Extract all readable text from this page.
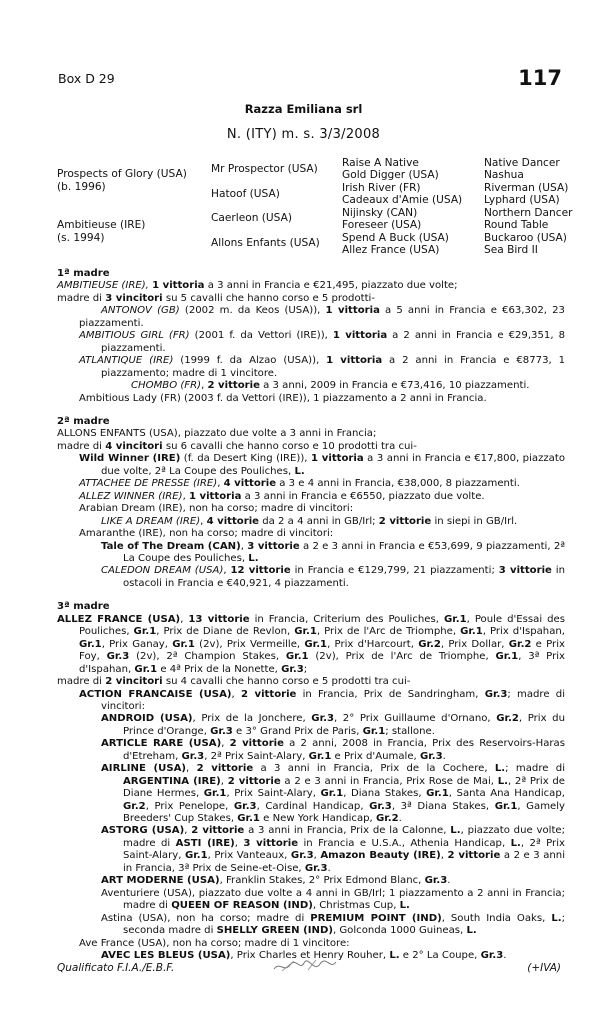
Box D 29	117
Razza Emiliana srl
N. (ITY) m. s. 3/3/2008
Prospects of Glory (USA)
(b. 1996)
Ambitieuse (IRE)
(s. 1994)
Mr Prospector (USA)
Hatoof (USA)
Caerleon (USA)
Allons Enfants (USA)
Raise A Native
Gold Digger (USA)
Irish River (FR)
Cadeaux d'Amie (USA)
Nijinsky (CAN)
Foreseer (USA)
Spend A Buck (USA)
Allez France (USA)
Native Dancer
Nashua
Riverman (USA)
Lyphard (USA)
Northern Dancer
Round Table
Buckaroo (USA)
Sea Bird II
1ª madre
AMBITIEUSE (IRE), 1 vittoria a 3 anni in Francia e €21,495, piazzato due volte;
madre di 3 vincitori su 5 cavalli che hanno corso e 5 prodotti-
ANTONOV (GB) (2002 m. da Keos (USA)), 1 vittoria a 5 anni in Francia e €63,302, 23 piazzamenti.
AMBITIOUS GIRL (FR) (2001 f. da Vettori (IRE)), 1 vittoria a 2 anni in Francia e €29,351, 8 piazzamenti.
ATLANTIQUE (IRE) (1999 f. da Alzao (USA)), 1 vittoria a 2 anni in Francia e €8773, 1 piazzamento; madre di 1 vincitore.
CHOMBO (FR), 2 vittorie a 3 anni, 2009 in Francia e €73,416, 10 piazzamenti.
Ambitious Lady (FR) (2003 f. da Vettori (IRE)), 1 piazzamento a 2 anni in Francia.
2ª madre
ALLONS ENFANTS (USA), piazzato due volte a 3 anni in Francia;
madre di 4 vincitori su 6 cavalli che hanno corso e 10 prodotti tra cui-
Wild Winner (IRE) (f. da Desert King (IRE)), 1 vittoria a 3 anni in Francia e €17,800, piazzato due volte, 2ª La Coupe des Pouliches, L.
ATTACHEE DE PRESSE (IRE), 4 vittorie a 3 e 4 anni in Francia, €38,000, 8 piazzamenti.
ALLEZ WINNER (IRE), 1 vittoria a 3 anni in Francia e €6550, piazzato due volte.
Arabian Dream (IRE), non ha corso; madre di vincitori:
LIKE A DREAM (IRE), 4 vittorie da 2 a 4 anni in GB/Irl; 2 vittorie in siepi in GB/Irl.
Amaranthe (IRE), non ha corso; madre di vincitori:
Tale of The Dream (CAN), 3 vittorie a 2 e 3 anni in Francia e €53,699, 9 piazzamenti, 2ª La Coupe des Pouliches, L.
CALEDON DREAM (USA), 12 vittorie in Francia e €129,799, 21 piazzamenti; 3 vittorie in ostacoli in Francia e €40,921, 4 piazzamenti.
3ª madre
ALLEZ FRANCE (USA), 13 vittorie in Francia, Criterium des Pouliches, Gr.1, Poule d'Essai des Pouliches, Gr.1, Prix de Diane de Revlon, Gr.1, Prix de l'Arc de Triomphe, Gr.1, Prix d'Ispahan, Gr.1, Prix Ganay, Gr.1 (2v), Prix Vermeille, Gr.1, Prix d'Harcourt, Gr.2, Prix Dollar, Gr.2 e Prix Foy, Gr.3 (2v), 2ª Champion Stakes, Gr.1 (2v), Prix de l'Arc de Triomphe, Gr.1, 3ª Prix d'Ispahan, Gr.1 e 4ª Prix de la Nonette, Gr.3;
madre di 2 vincitori su 4 cavalli che hanno corso e 5 prodotti tra cui-
ACTION FRANCAISE (USA), 2 vittorie in Francia, Prix de Sandringham, Gr.3; madre di vincitori:
ANDROID (USA), Prix de la Jonchere, Gr.3, 2° Prix Guillaume d'Ornano, Gr.2, Prix du Prince d'Orange, Gr.3 e 3° Grand Prix de Paris, Gr.1; stallone.
ARTICLE RARE (USA), 2 vittorie a 2 anni, 2008 in Francia, Prix des Reservoirs-Haras d'Etreham, Gr.3, 2ª Prix Saint-Alary, Gr.1 e Prix d'Aumale, Gr.3.
AIRLINE (USA), 2 vittorie a 3 anni in Francia, Prix de la Cochere, L.; madre di ARGENTINA (IRE), 2 vittorie a 2 e 3 anni in Francia, Prix Rose de Mai, L., 2ª Prix de Diane Hermes, Gr.1, Prix Saint-Alary, Gr.1, Diana Stakes, Gr.1, Santa Ana Handicap, Gr.2, Prix Penelope, Gr.3, Cardinal Handicap, Gr.3, 3ª Diana Stakes, Gr.1, Gamely Breeders' Cup Stakes, Gr.1 e New York Handicap, Gr.2.
ASTORG (USA), 2 vittorie a 3 anni in Francia, Prix de la Calonne, L., piazzato due volte; madre di ASTI (IRE), 3 vittorie in Francia e U.S.A., Athenia Handicap, L., 2ª Prix Saint-Alary, Gr.1, Prix Vanteaux, Gr.3, Amazon Beauty (IRE), 2 vittorie a 2 e 3 anni in Francia, 3ª Prix de Seine-et-Oise, Gr.3.
ART MODERNE (USA), Franklin Stakes, 2° Prix Edmond Blanc, Gr.3.
Aventuriere (USA), piazzato due volte a 4 anni in GB/Irl; 1 piazzamento a 2 anni in Francia; madre di QUEEN OF REASON (IND), Christmas Cup, L.
Astina (USA), non ha corso; madre di PREMIUM POINT (IND), South India Oaks, L.; seconda madre di SHELLY GREEN (IND), Golconda 1000 Guineas, L.
Ave France (USA), non ha corso; madre di 1 vincitore:
AVEC LES BLEUS (USA), Prix Charles et Henry Rouher, L. e 2° La Coupe, Gr.3.
Qualificato F.I.A./E.B.F.	(+IVA)
